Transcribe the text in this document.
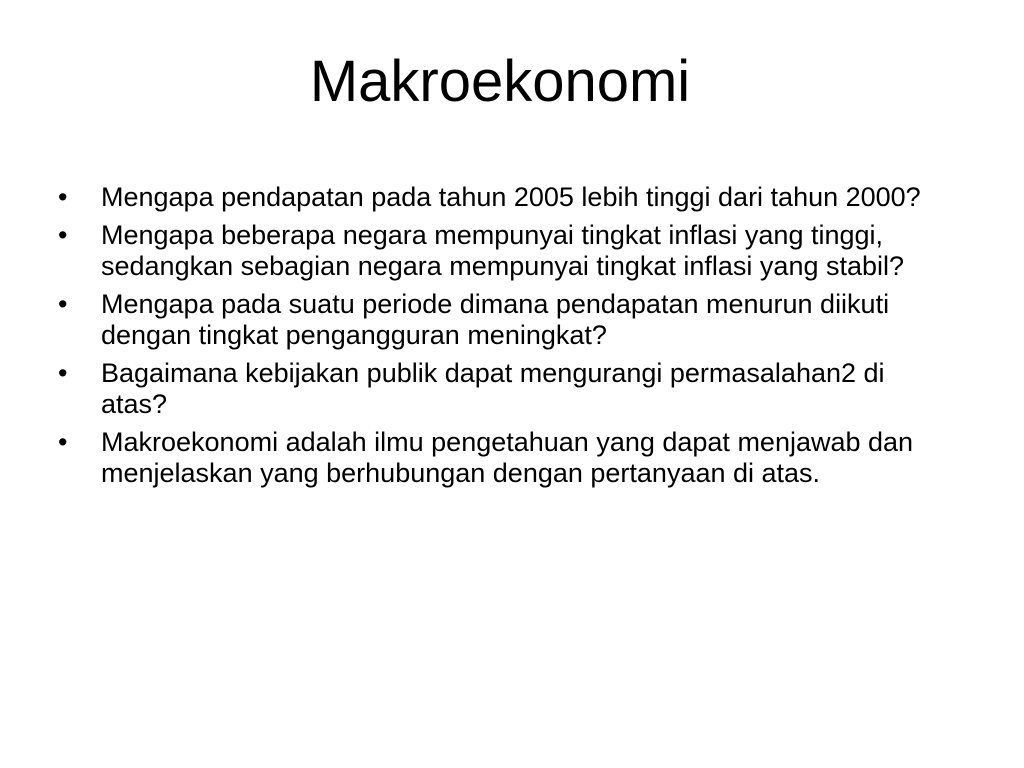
Makroekonomi
•	Mengapa pendapatan pada tahun 2005 lebih tinggi dari tahun 2000?
•	Mengapa beberapa negara mempunyai tingkat inflasi yang tinggi, sedangkan sebagian negara mempunyai tingkat inflasi yang stabil?
•	Mengapa pada suatu periode dimana pendapatan menurun diikuti dengan tingkat pengangguran meningkat?
•	Bagaimana kebijakan publik dapat mengurangi permasalahan2 di atas?
•	Makroekonomi adalah ilmu pengetahuan yang dapat menjawab dan menjelaskan yang berhubungan dengan pertanyaan di atas.
